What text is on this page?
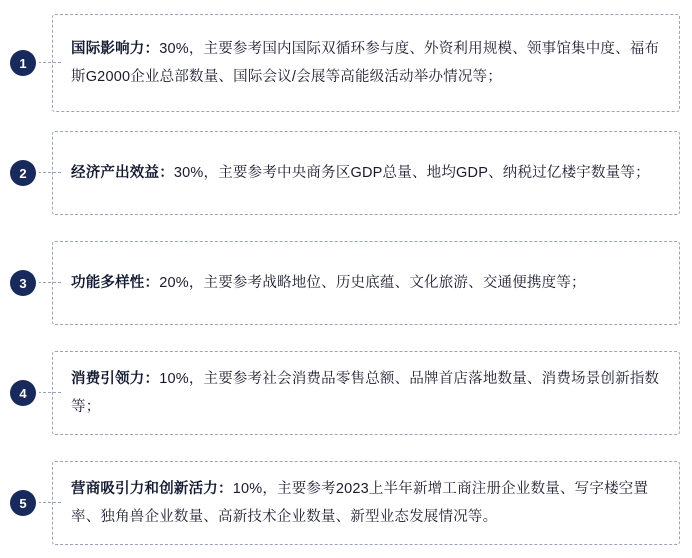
1
国际影响力：30%，主要参考国内国际双循环参与度、外资利用规模、领事馆集中度、福布斯G2000企业总部数量、国际会议/会展等高能级活动举办情况等；
2	经济产出效益：30%，主要参考中央商务区GDP总量、地均GDP、纳税过亿楼宇数量等；
3	功能多样性：20%，主要参考战略地位、历史底蕴、文化旅游、交通便携度等；
4
消费引领力：10%，主要参考社会消费品零售总额、品牌首店落地数量、消费场景创新指数等；
5
营商吸引力和创新活力：10%，主要参考2023上半年新增工商注册企业数量、写字楼空置率、独角兽企业数量、高新技术企业数量、新型业态发展情况等。
